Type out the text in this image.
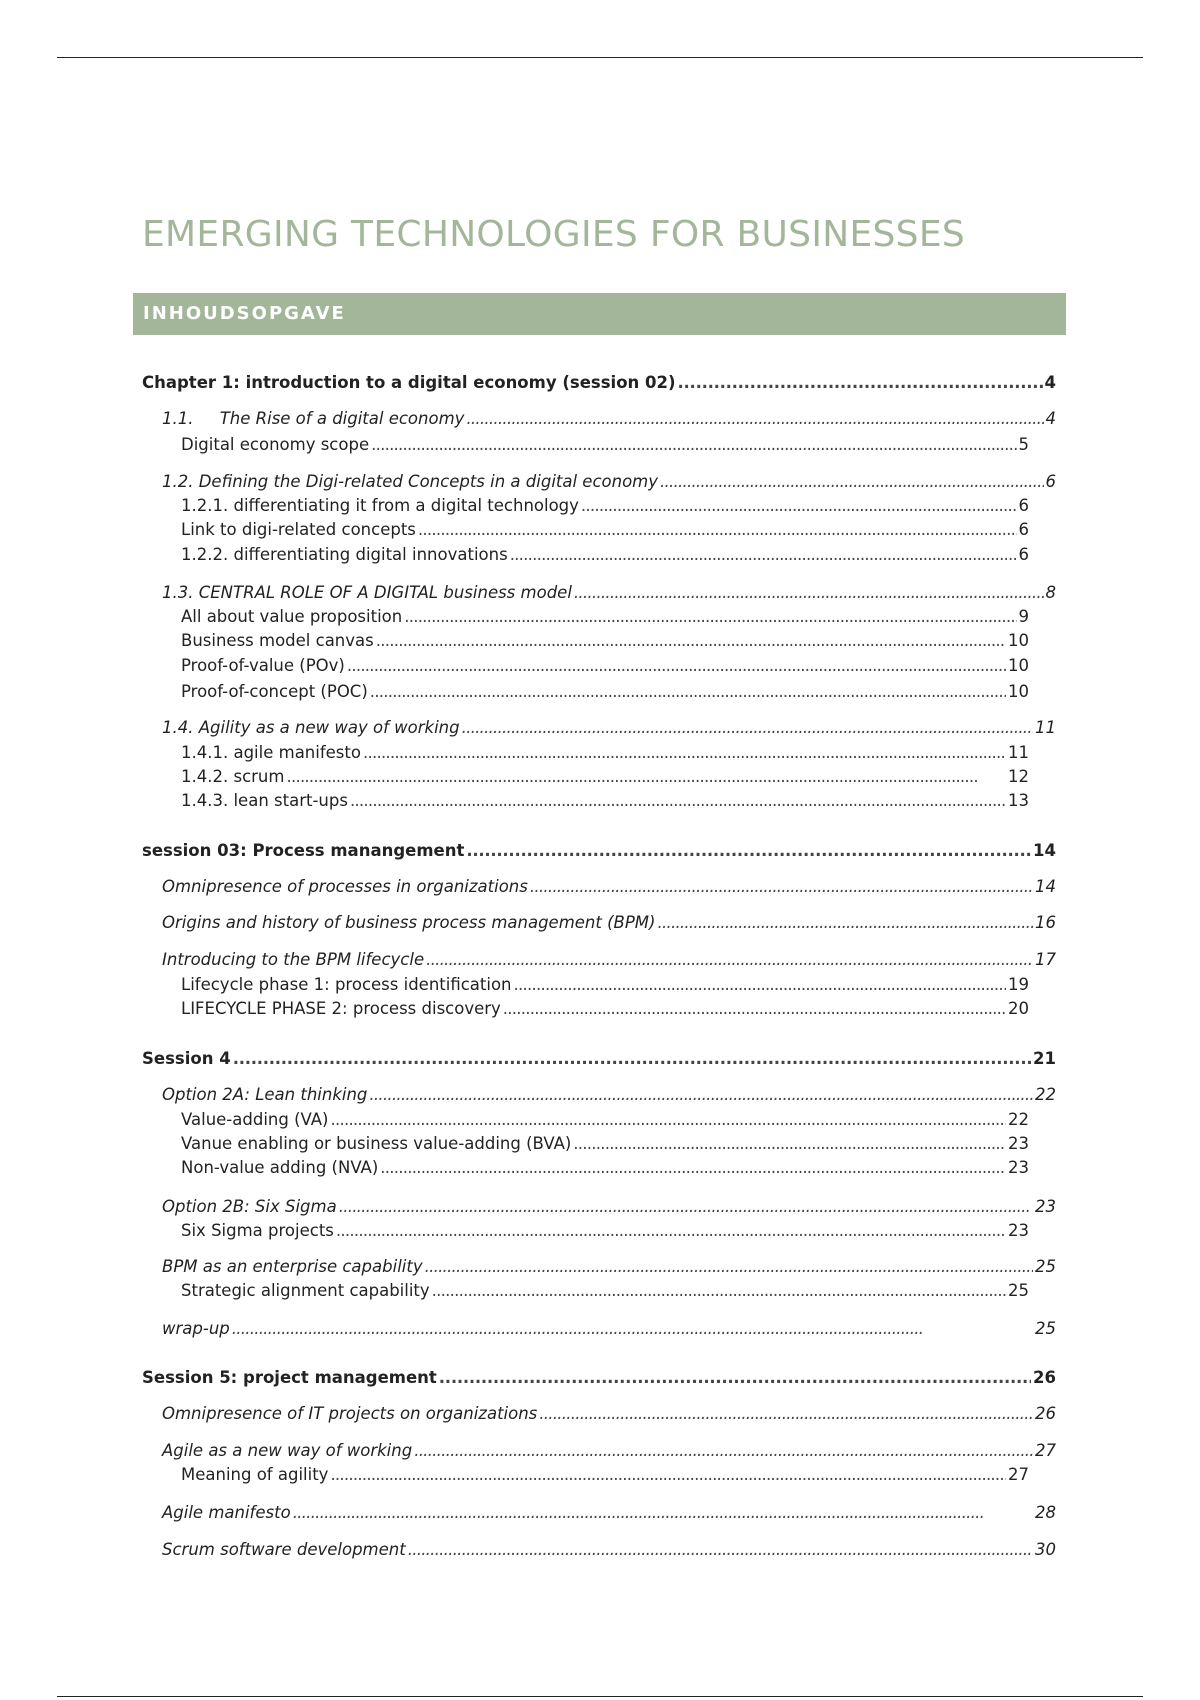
EMERGING TECHNOLOGIES FOR BUSINESSES
INHOUDSOPGAVE
Chapter 1: introduction to a digital economy (session 02) . . .	4
1.1.     The Rise of a digital economy . . .	4
Digital economy scope . . .	5
1.2. Defining the Digi-related Concepts in a digital economy . . .	6
1.2.1. differentiating it from a digital technology . . .	6
Link to digi-related concepts . . .	6
1.2.2. differentiating digital innovations . . .	6
1.3. CENTRAL ROLE OF A DIGITAL business model . . .	8
All about value proposition . . .	9
Business model canvas . . .	10
Proof-of-value (POv) . . .	10
Proof-of-concept (POC) . . .	10
1.4. Agility as a new way of working . . .	11
1.4.1. agile manifesto . . .	11
1.4.2. scrum . . .	12
1.4.3. lean start-ups . . .	13
session 03: Process manangement . . .	14
Omnipresence of processes in organizations . . .	14
Origins and history of business process management (BPM) . . .	16
Introducing to the BPM lifecycle . . .	17
Lifecycle phase 1: process identification . . .	19
LIFECYCLE PHASE 2: process discovery . . .	20
Session 4 . . .	21
Option 2A: Lean thinking . . .	22
Value-adding (VA) . . .	22
Vanue enabling or business value-adding (BVA) . . .	23
Non-value adding (NVA) . . .	23
Option 2B: Six Sigma . . .	23
Six Sigma projects . . .	23
BPM as an enterprise capability . . .	25
Strategic alignment capability . . .	25
wrap-up . . .	25
Session 5: project management . . .	26
Omnipresence of IT projects on organizations . . .	26
Agile as a new way of working . . .	27
Meaning of agility . . .	27
Agile manifesto . . .	28
Scrum software development . . .	30
